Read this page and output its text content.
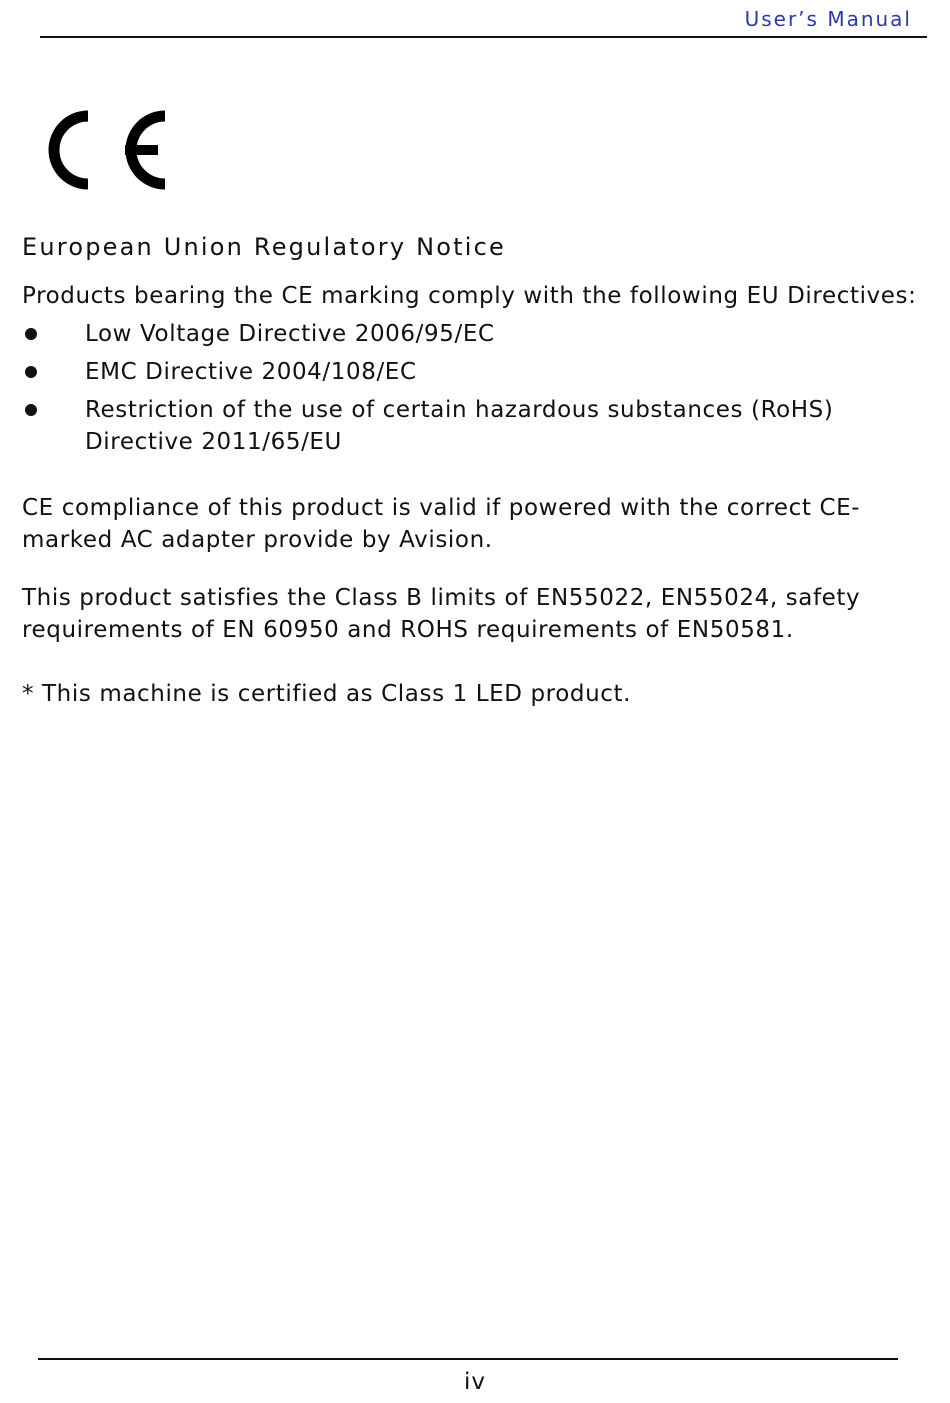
User’s Manual
European Union Regulatory Notice

Products bearing the CE marking comply with the following EU Directives:

Low Voltage Directive 2006/95/EC
EMC Directive 2004/108/EC
Restriction of the use of certain hazardous substances (RoHS) Directive 2011/65/EU

CE compliance of this product is valid if powered with the correct CE-marked AC adapter provide by Avision.

This product satisfies the Class B limits of EN55022, EN55024, safety requirements of EN 60950 and ROHS requirements of EN50581.

* This machine is certified as Class 1 LED product.

iv
